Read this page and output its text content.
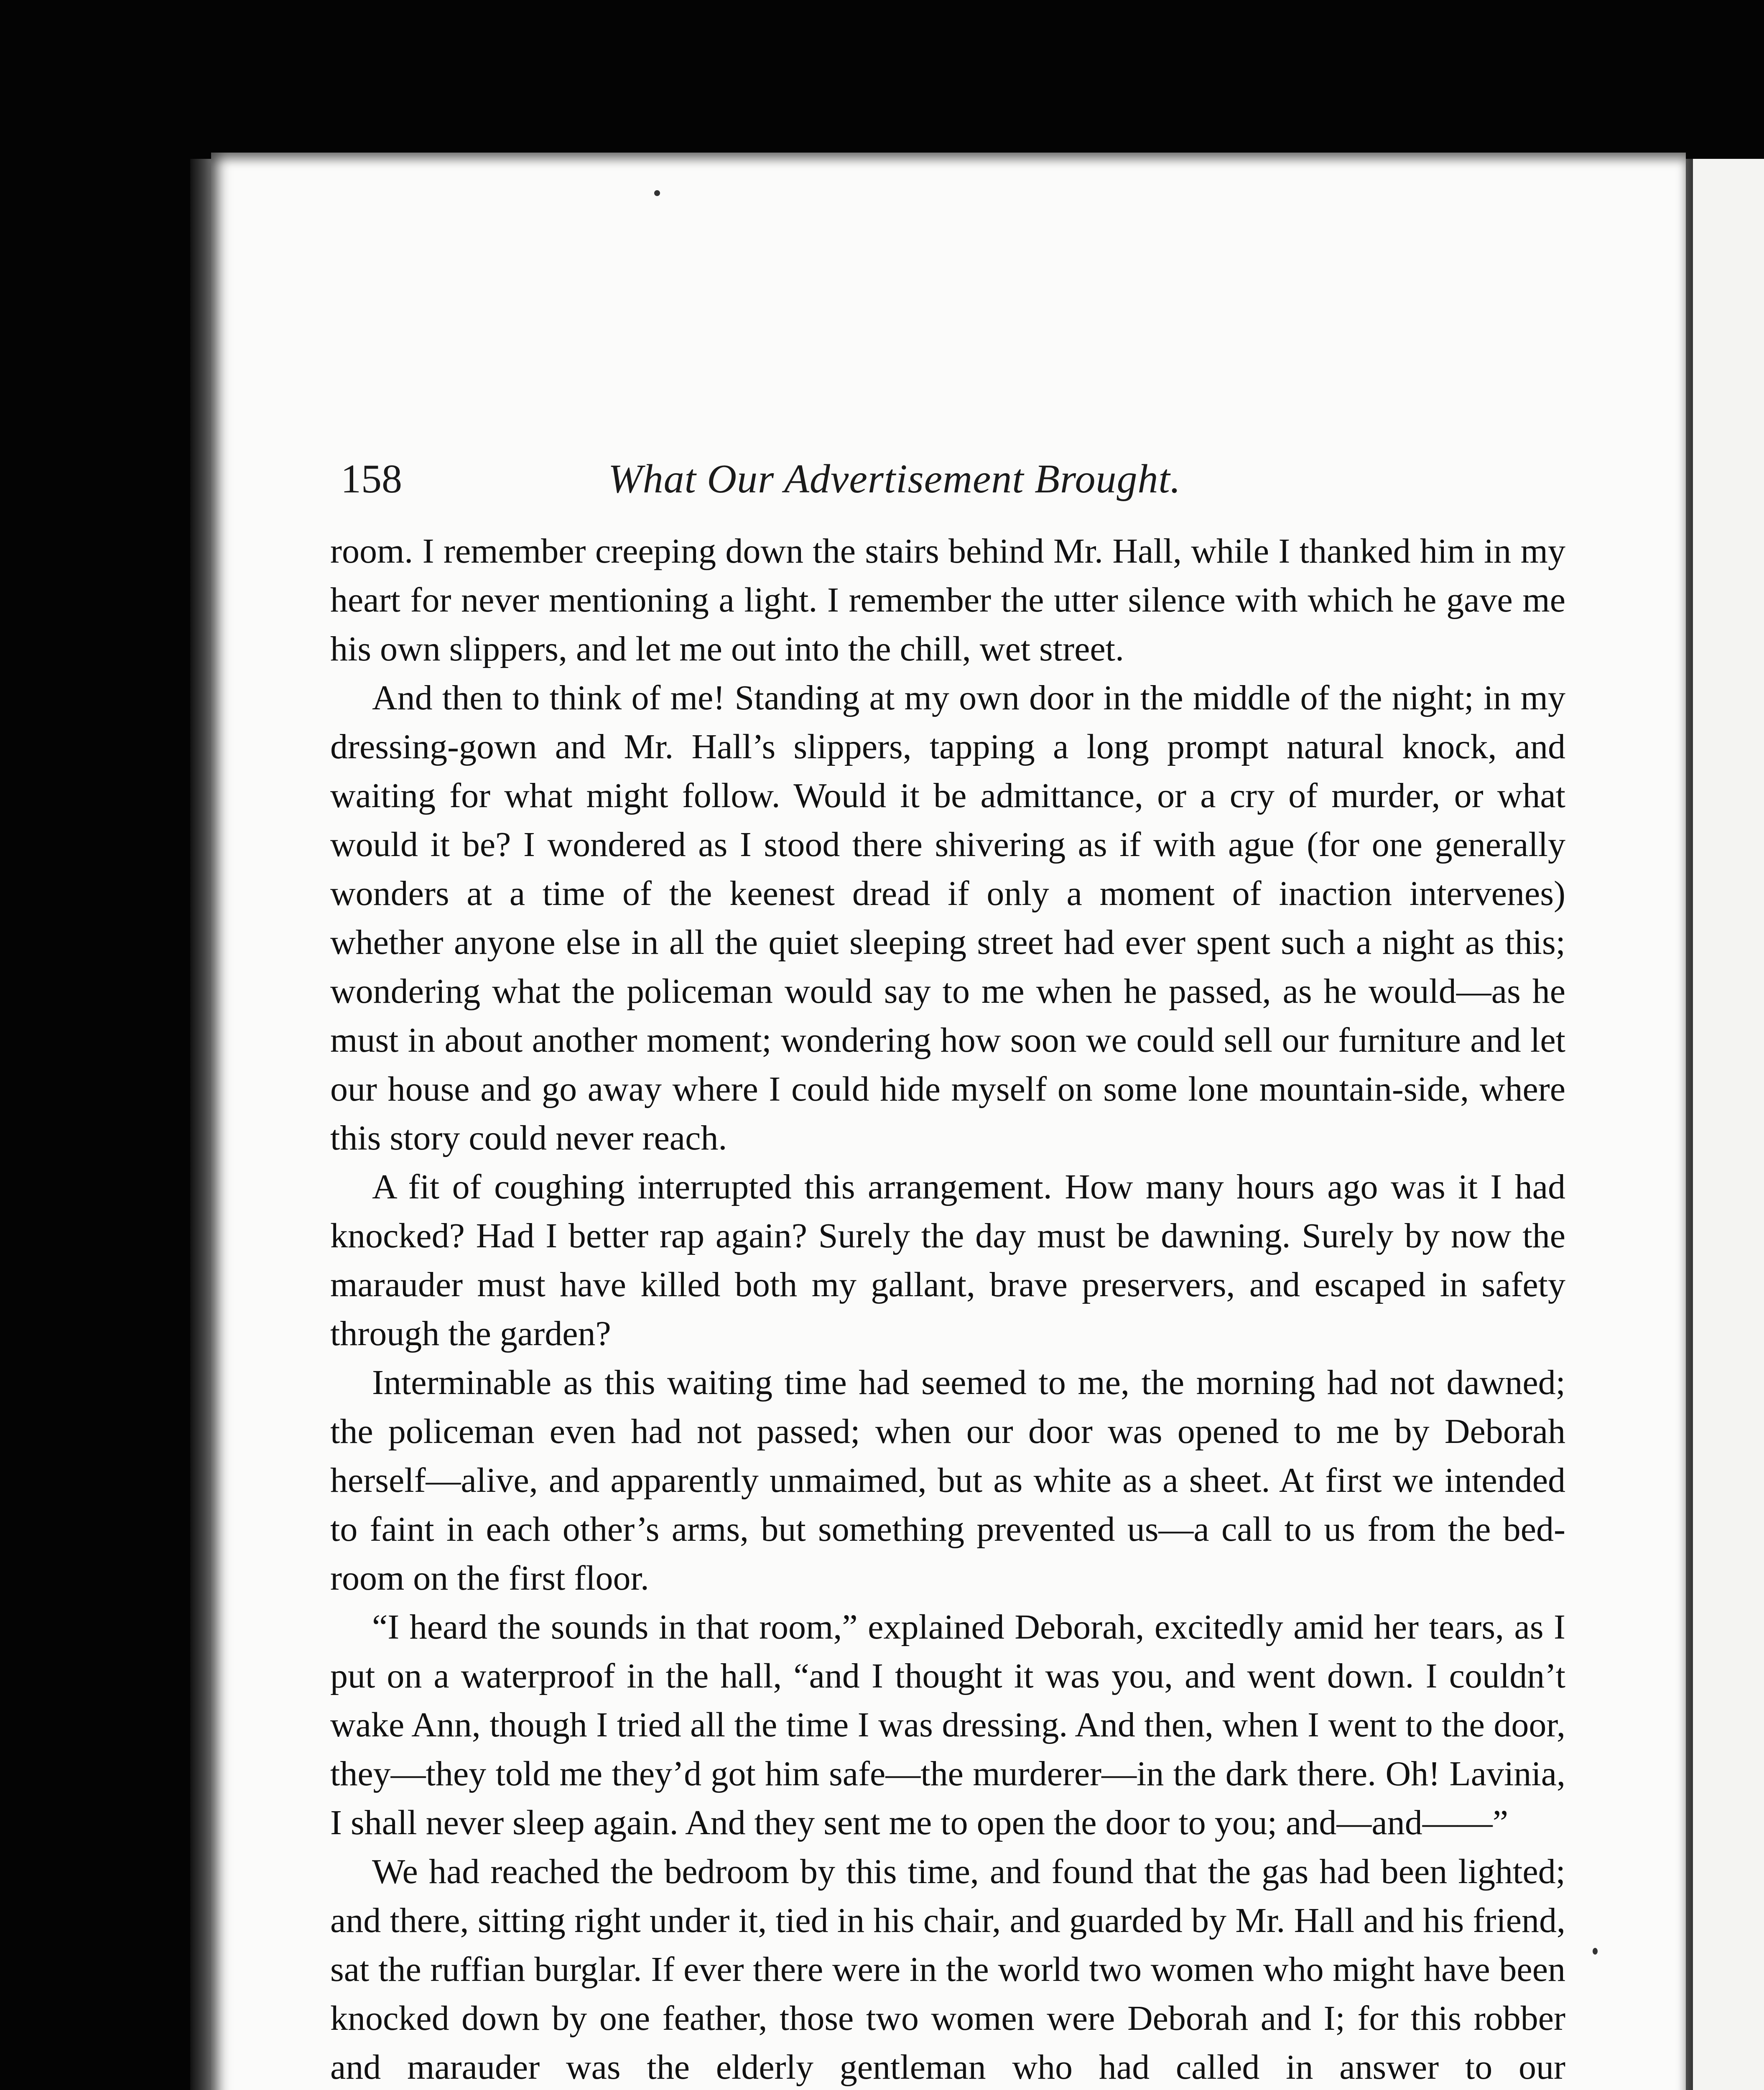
158	What Our Advertisement Brought.

room. I remember creeping down the stairs behind Mr. Hall, while I thanked him in my heart for never mentioning a light. I remember the utter silence with which he gave me his own slippers, and let me out into the chill, wet street.

And then to think of me! Standing at my own door in the middle of the night; in my dressing-gown and Mr. Hall’s slippers, tapping a long prompt natural knock, and waiting for what might follow. Would it be admittance, or a cry of murder, or what would it be? I wondered as I stood there shivering as if with ague (for one generally wonders at a time of the keenest dread if only a moment of inaction intervenes) whether anyone else in all the quiet sleeping street had ever spent such a night as this; wondering what the policeman would say to me when he passed, as he would—as he must in about another moment; wondering how soon we could sell our furniture and let our house and go away where I could hide myself on some lone mountain-side, where this story could never reach.

A fit of coughing interrupted this arrangement. How many hours ago was it I had knocked? Had I better rap again? Surely the day must be dawning. Surely by now the marauder must have killed both my gallant, brave preservers, and escaped in safety through the garden?

Interminable as this waiting time had seemed to me, the morning had not dawned; the policeman even had not passed; when our door was opened to me by Deborah herself—alive, and apparently unmaimed, but as white as a sheet. At first we intended to faint in each other’s arms, but something prevented us—a call to us from the bed-room on the first floor.

“I heard the sounds in that room,” explained Deborah, excitedly amid her tears, as I put on a waterproof in the hall, “and I thought it was you, and went down. I couldn’t wake Ann, though I tried all the time I was dressing. And then, when I went to the door, they—they told me they’d got him safe—the murderer—in the dark there. Oh! Lavinia, I shall never sleep again. And they sent me to open the door to you; and—and——”

We had reached the bedroom by this time, and found that the gas had been lighted; and there, sitting right under it, tied in his chair, and guarded by Mr. Hall and his friend, sat the ruffian burglar. If ever there were in the world two women who might have been knocked down by one feather, those two women were Deborah and I; for this robber and marauder was the elderly gentleman who had called in answer to our
